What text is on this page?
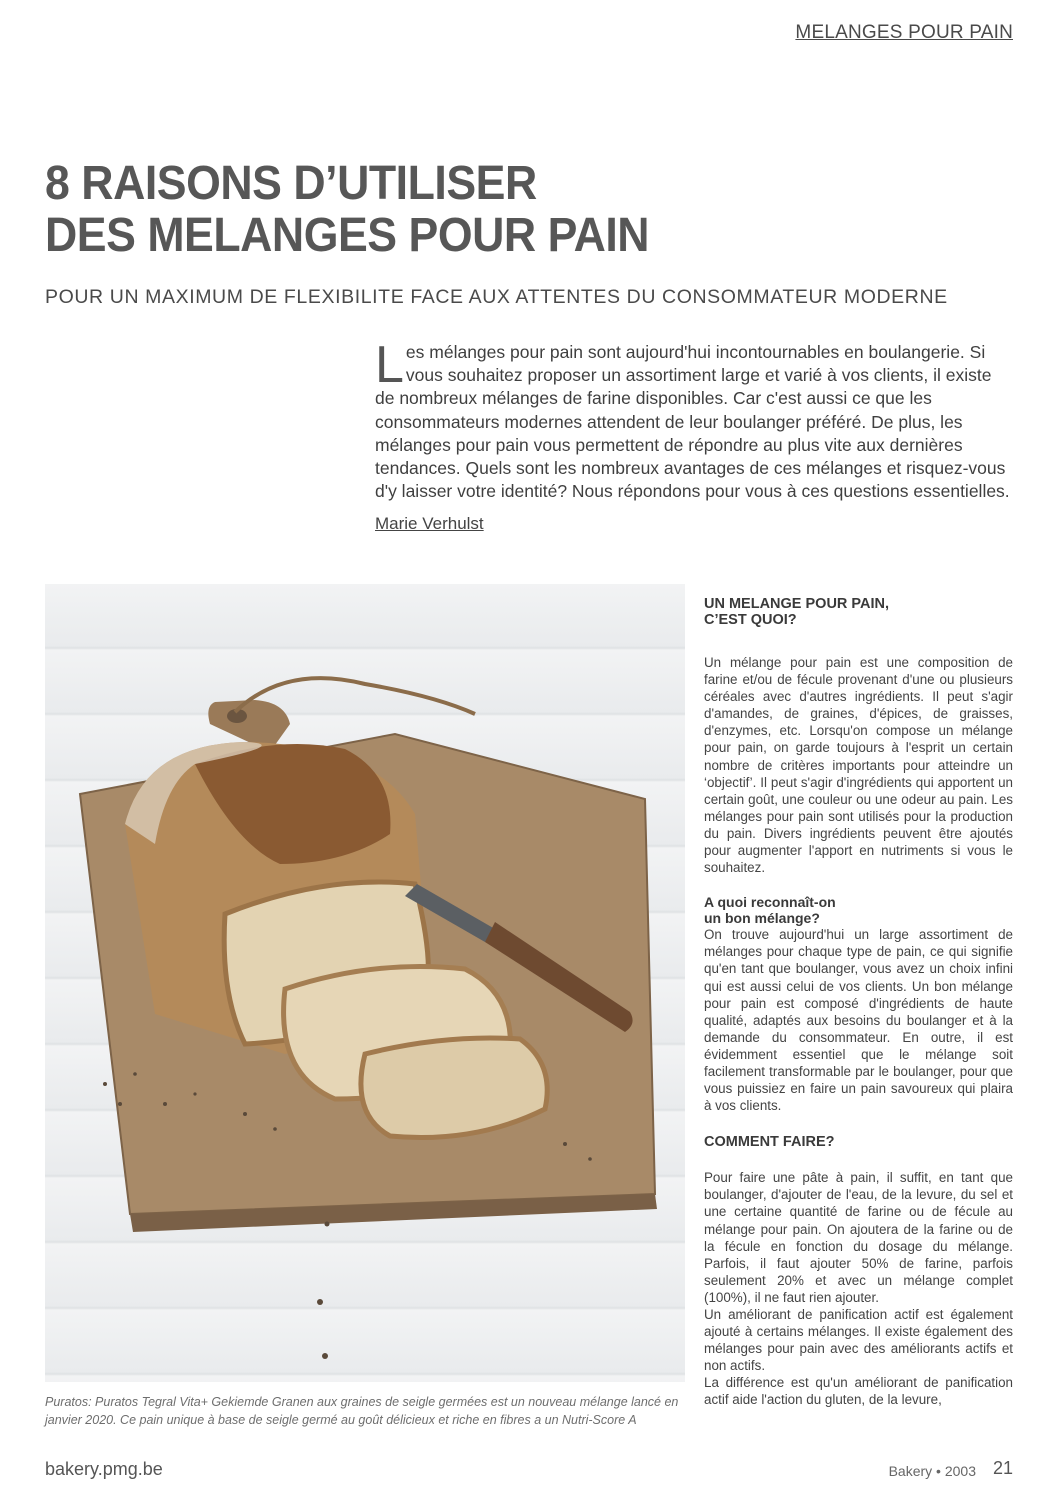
MELANGES POUR PAIN
8 RAISONS D’UTILISER
DES MELANGES POUR PAIN
POUR UN MAXIMUM DE FLEXIBILITE FACE AUX ATTENTES DU CONSOMMATEUR MODERNE
Les mélanges pour pain sont aujourd'hui incontournables en boulangerie. Si vous souhaitez proposer un assortiment large et varié à vos clients, il existe de nombreux mélanges de farine disponibles. Car c'est aussi ce que les consommateurs modernes attendent de leur boulanger préféré. De plus, les mélanges pour pain vous permettent de répondre au plus vite aux dernières tendances. Quels sont les nombreux avantages de ces mélanges et risquez-vous d'y laisser votre identité? Nous répondons pour vous à ces questions essentielles.
Marie Verhulst
Puratos: Puratos Tegral Vita+ Gekiemde Granen aux graines de seigle germées est un nouveau mélange lancé en janvier 2020. Ce pain unique à base de seigle germé au goût délicieux et riche en fibres a un Nutri-Score A
UN MELANGE POUR PAIN,
C’EST QUOI?

Un mélange pour pain est une composition de farine et/ou de fécule provenant d'une ou plusieurs céréales avec d'autres ingrédients. Il peut s'agir d'amandes, de graines, d'épices, de graisses, d'enzymes, etc. Lorsqu'on compose un mélange pour pain, on garde toujours à l'esprit un certain nombre de critères importants pour atteindre un ‘objectif’. Il peut s'agir d'ingrédients qui apportent un certain goût, une couleur ou une odeur au pain. Les mélanges pour pain sont utilisés pour la production du pain. Divers ingrédients peuvent être ajoutés pour augmenter l'apport en nutriments si vous le souhaitez.

A quoi reconnaît-on
un bon mélange?

On trouve aujourd'hui un large assortiment de mélanges pour chaque type de pain, ce qui signifie qu'en tant que boulanger, vous avez un choix infini qui est aussi celui de vos clients. Un bon mélange pour pain est composé d'ingrédients de haute qualité, adaptés aux besoins du boulanger et à la demande du consommateur. En outre, il est évidemment essentiel que le mélange soit facilement transformable par le boulanger, pour que vous puissiez en faire un pain savoureux qui plaira à vos clients.

COMMENT FAIRE?

Pour faire une pâte à pain, il suffit, en tant que boulanger, d'ajouter de l'eau, de la levure, du sel et une certaine quantité de farine ou de fécule au mélange pour pain. On ajoutera de la farine ou de la fécule en fonction du dosage du mélange. Parfois, il faut ajouter 50% de farine, parfois seulement 20% et avec un mélange complet (100%), il ne faut rien ajouter.

Un améliorant de panification actif est également ajouté à certains mélanges. Il existe également des mélanges pour pain avec des améliorants actifs et non actifs.

La différence est qu'un améliorant de panification actif aide l'action du gluten, de la levure,

bakery.pmg.be	Bakery • 2003 21
